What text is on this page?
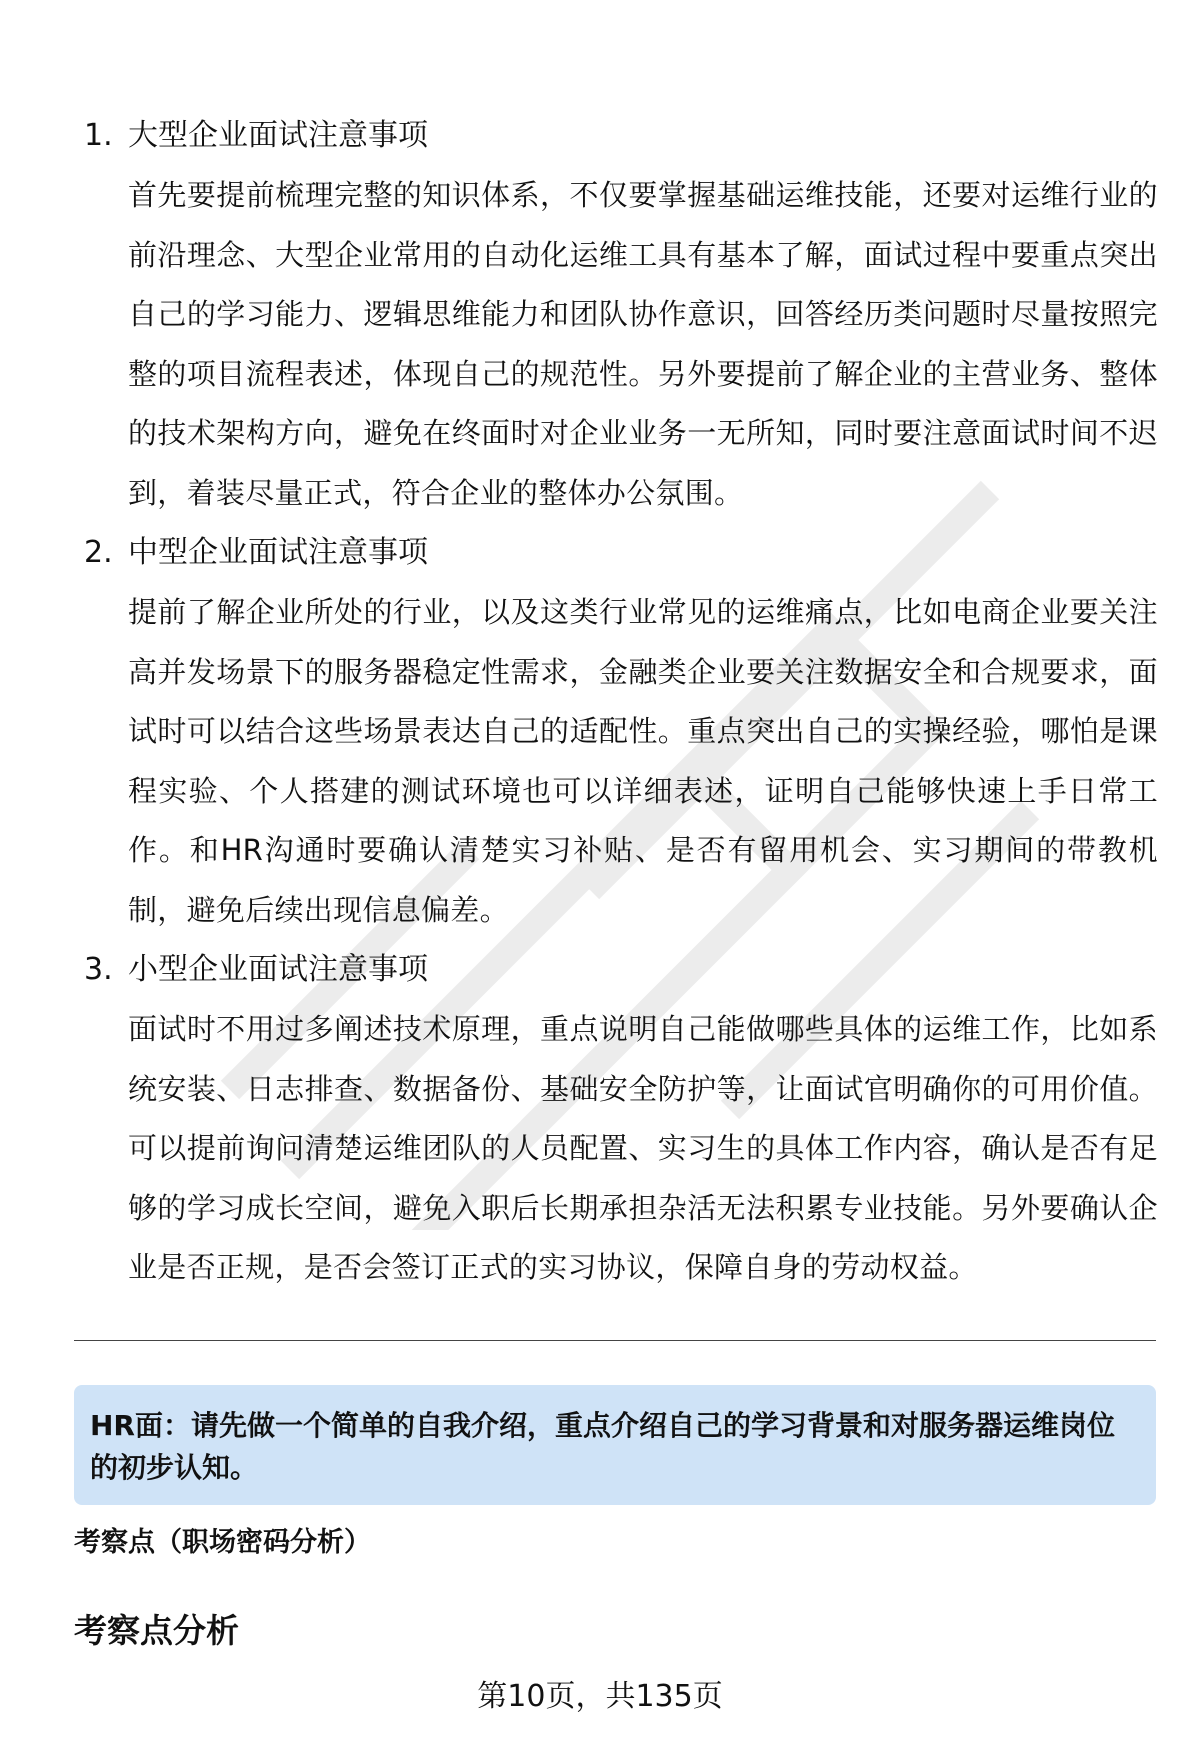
1. 大型企业面试注意事项
首先要提前梳理完整的知识体系，不仅要掌握基础运维技能，还要对运维行业的前沿理念、大型企业常用的自动化运维工具有基本了解，面试过程中要重点突出自己的学习能力、逻辑思维能力和团队协作意识，回答经历类问题时尽量按照完整的项目流程表述，体现自己的规范性。另外要提前了解企业的主营业务、整体的技术架构方向，避免在终面时对企业业务一无所知，同时要注意面试时间不迟到，着装尽量正式，符合企业的整体办公氛围。
2. 中型企业面试注意事项
提前了解企业所处的行业，以及这类行业常见的运维痛点，比如电商企业要关注高并发场景下的服务器稳定性需求，金融类企业要关注数据安全和合规要求，面试时可以结合这些场景表达自己的适配性。重点突出自己的实操经验，哪怕是课程实验、个人搭建的测试环境也可以详细表述，证明自己能够快速上手日常工作。和HR沟通时要确认清楚实习补贴、是否有留用机会、实习期间的带教机制，避免后续出现信息偏差。
3. 小型企业面试注意事项
面试时不用过多阐述技术原理，重点说明自己能做哪些具体的运维工作，比如系统安装、日志排查、数据备份、基础安全防护等，让面试官明确你的可用价值。可以提前询问清楚运维团队的人员配置、实习生的具体工作内容，确认是否有足够的学习成长空间，避免入职后长期承担杂活无法积累专业技能。另外要确认企业是否正规，是否会签订正式的实习协议，保障自身的劳动权益。
HR面：请先做一个简单的自我介绍，重点介绍自己的学习背景和对服务器运维岗位的初步认知。
考察点（职场密码分析）
考察点分析
第10页，共135页
